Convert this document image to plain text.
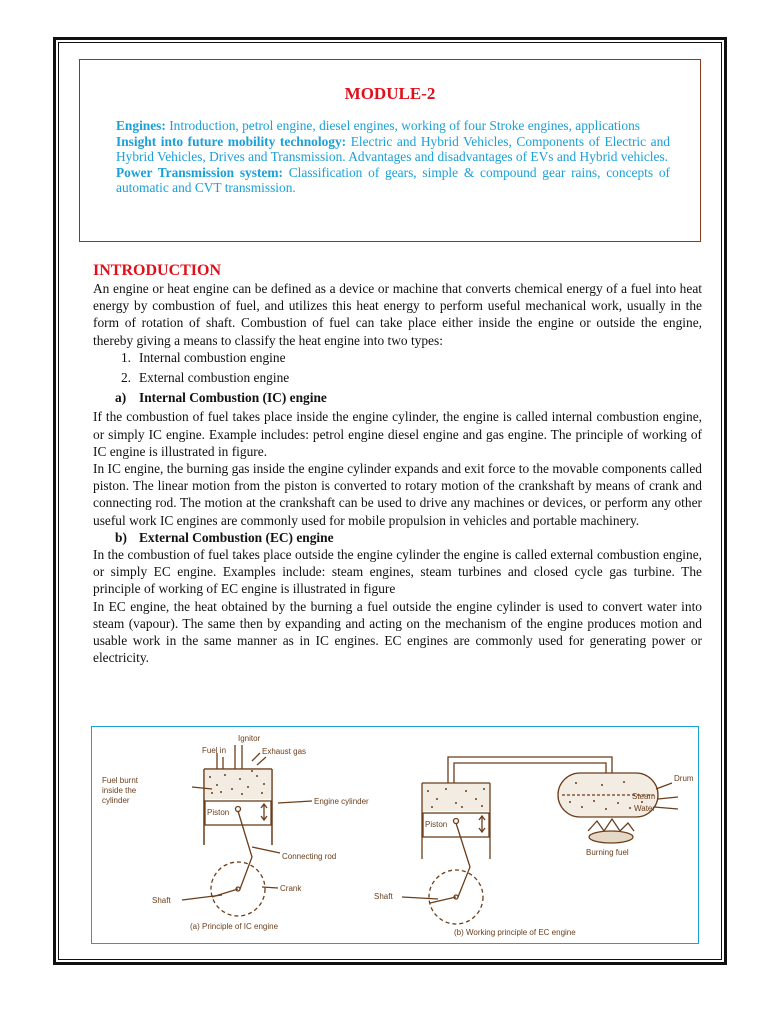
MODULE-2

Engines: Introduction, petrol engine, diesel engines, working of four Stroke engines, applications

Insight into future mobility technology: Electric and Hybrid Vehicles, Components of Electric and Hybrid Vehicles, Drives and Transmission. Advantages and disadvantages of EVs and Hybrid vehicles.

Power Transmission system: Classification of gears, simple & compound gear rains, concepts of automatic and CVT transmission.

INTRODUCTION

An engine or heat engine can be defined as a device or machine that converts chemical energy of a fuel into heat energy by combustion of fuel, and utilizes this heat energy to perform useful mechanical work, usually in the form of rotation of shaft. Combustion of fuel can take place either inside the engine or outside the engine, thereby giving a means to classify the heat engine into two types:

1. Internal combustion engine
2. External combustion engine
a) Internal Combustion (IC) engine

If the combustion of fuel takes place inside the engine cylinder, the engine is called internal combustion engine, or simply IC engine. Example includes: petrol engine diesel engine and gas engine. The principle of working of IC engine is illustrated in figure.

In IC engine, the burning gas inside the engine cylinder expands and exit force to the movable components called piston. The linear motion from the piston is converted to rotary motion of the crankshaft by means of crank and connecting rod. The motion at the crankshaft can be used to drive any machines or devices, or perform any other useful work IC engines are commonly used for mobile propulsion in vehicles and portable machinery.

b) External Combustion (EC) engine

In the combustion of fuel takes place outside the engine cylinder the engine is called external combustion engine, or simply EC engine. Examples include: steam engines, steam turbines and closed cycle gas turbine. The principle of working of EC engine is illustrated in figure

In EC engine, the heat obtained by the burning a fuel outside the engine cylinder is used to convert water into steam (vapour). The same then by expanding and acting on the mechanism of the engine produces motion and usable work in the same manner as in IC engines. EC engines are commonly used for generating power or electricity.

Ignitor
Fuel in	Exhaust gas
Fuel burnt
inside the
cylinder
Piston
Engine cylinder
Connecting rod
Crank
Shaft
Piston
Shaft
Drum
Steam
Water
Burning fuel
(a) Principle of IC engine
(b) Working principle of EC engine
